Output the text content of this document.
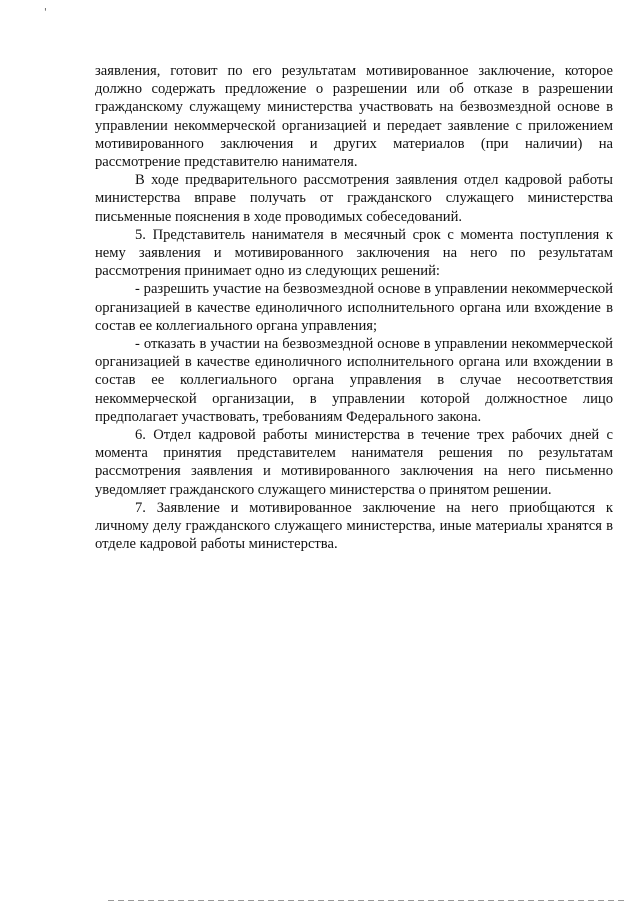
'

заявления, готовит по его результатам мотивированное заключение, которое должно содержать предложение о разрешении или об отказе в разрешении гражданскому служащему министерства участвовать на безвозмездной основе в управлении некоммерческой организацией и передает заявление с приложением мотивированного заключения и других материалов (при наличии) на рассмотрение представителю нанимателя.

В ходе предварительного рассмотрения заявления отдел кадровой работы министерства вправе получать от гражданского служащего министерства письменные пояснения в ходе проводимых собеседований.

5. Представитель нанимателя в месячный срок с момента поступления к нему заявления и мотивированного заключения на него по результатам рассмотрения принимает одно из следующих решений:

- разрешить участие на безвозмездной основе в управлении некоммерческой организацией в качестве единоличного исполнительного органа или вхождение в состав ее коллегиального органа управления;

- отказать в участии на безвозмездной основе в управлении некоммерческой организацией в качестве единоличного исполнительного органа или вхождении в состав ее коллегиального органа управления в случае несоответствия некоммерческой организации, в управлении которой должностное лицо предполагает участвовать, требованиям Федерального закона.

6. Отдел кадровой работы министерства в течение трех рабочих дней с момента принятия представителем нанимателя решения по результатам рассмотрения заявления и мотивированного заключения на него письменно уведомляет гражданского служащего министерства о принятом решении.

7. Заявление и мотивированное заключение на него приобщаются к личному делу гражданского служащего министерства, иные материалы хранятся в отделе кадровой работы министерства.
